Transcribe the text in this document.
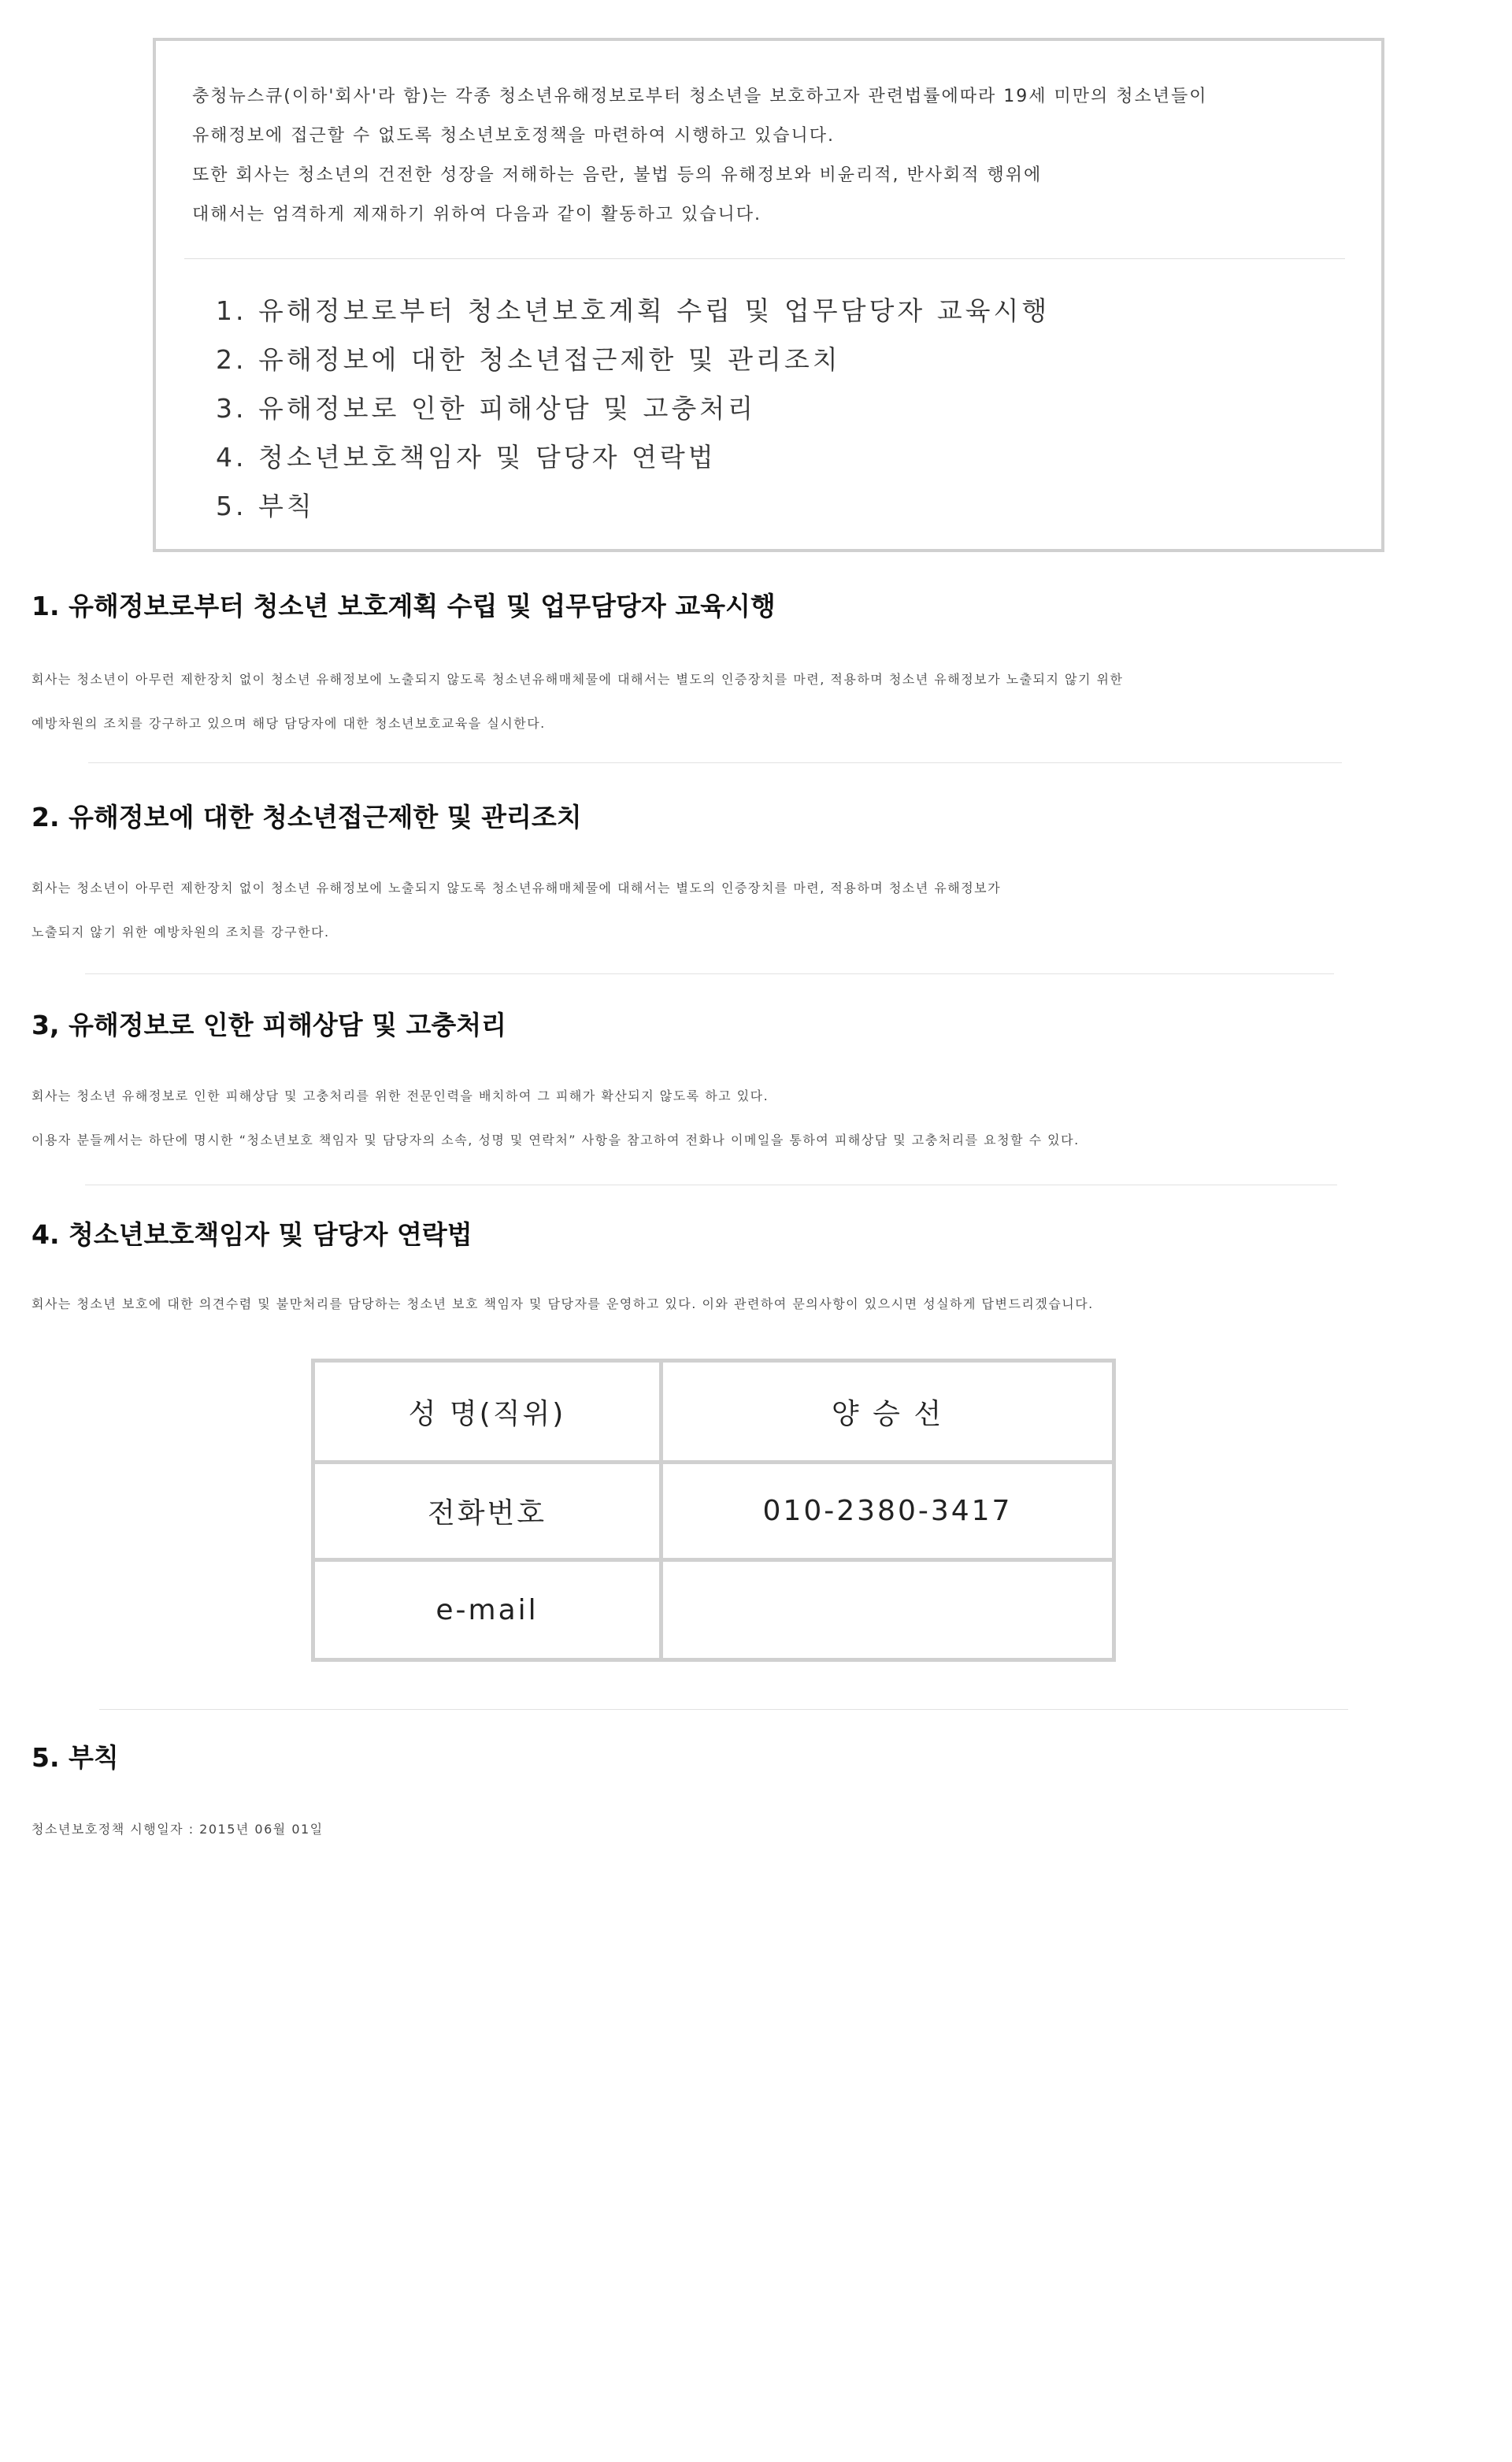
충청뉴스큐(이하'회사'라 함)는 각종 청소년유해정보로부터 청소년을 보호하고자 관련법률에따라 19세 미만의 청소년들이

유해정보에 접근할 수 없도록 청소년보호정책을 마련하여 시행하고 있습니다.

또한 회사는 청소년의 건전한 성장을 저해하는 음란, 불법 등의 유해정보와 비윤리적, 반사회적 행위에

대해서는 엄격하게 제재하기 위하여 다음과 같이 활동하고 있습니다.

1. 유해정보로부터 청소년보호계획 수립 및 업무담당자 교육시행
2. 유해정보에 대한 청소년접근제한 및 관리조치
3. 유해정보로 인한 피해상담 및 고충처리
4. 청소년보호책임자 및 담당자 연락법
5. 부칙
1. 유해정보로부터 청소년 보호계획 수립 및 업무담당자 교육시행

회사는 청소년이 아무런 제한장치 없이 청소년 유해정보에 노출되지 않도록 청소년유해매체물에 대해서는 별도의 인증장치를 마련, 적용하며 청소년 유해정보가 노출되지 않기 위한

예방차원의 조치를 강구하고 있으며 해당 담당자에 대한 청소년보호교육을 실시한다.

2. 유해정보에 대한 청소년접근제한 및 관리조치

회사는 청소년이 아무런 제한장치 없이 청소년 유해정보에 노출되지 않도록 청소년유해매체물에 대해서는 별도의 인증장치를 마련, 적용하며 청소년 유해정보가

노출되지 않기 위한 예방차원의 조치를 강구한다.

3, 유해정보로 인한 피해상담 및 고충처리

회사는 청소년 유해정보로 인한 피해상담 및 고충처리를 위한 전문인력을 배치하여 그 피해가 확산되지 않도록 하고 있다.

이용자 분들께서는 하단에 명시한 “청소년보호 책임자 및 담당자의 소속, 성명 및 연락처” 사항을 참고하여 전화나 이메일을 통하여 피해상담 및 고충처리를 요청할 수 있다.

4. 청소년보호책임자 및 담당자 연락법

회사는 청소년 보호에 대한 의견수렴 및 불만처리를 담당하는 청소년 보호 책임자 및 담당자를 운영하고 있다. 이와 관련하여 문의사항이 있으시면 성실하게 답변드리겠습니다.

성 명(직위)	양 승 선
전화번호	010-2380-3417
e-mail	
5. 부칙

청소년보호정책 시행일자 : 2015년 06월 01일
